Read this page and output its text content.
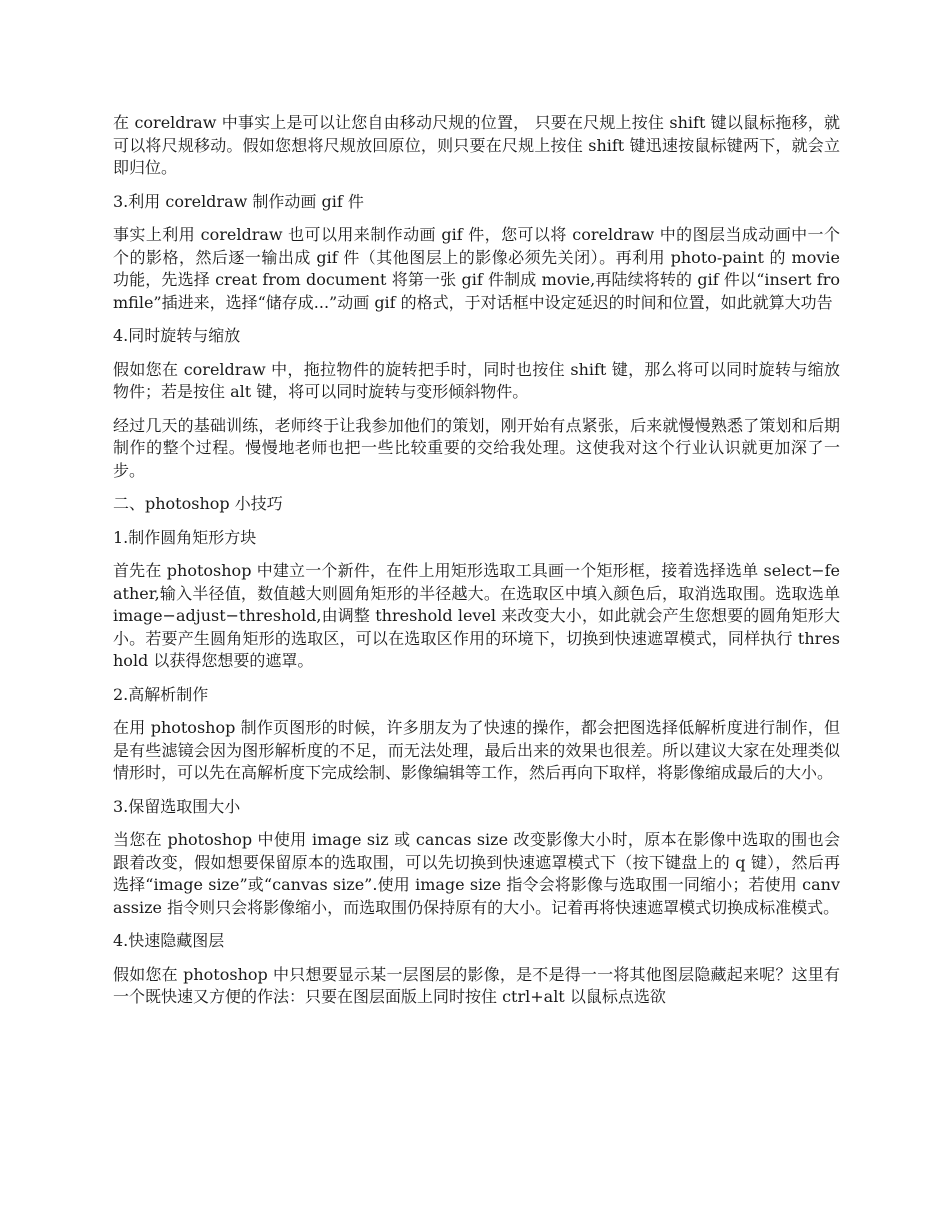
在 coreldraw 中事实上是可以让您自由移动尺规的位置， 只要在尺规上按住 shift 键以鼠标拖移，就可以将尺规移动。假如您想将尺规放回原位，则只要在尺规上按住 shift 键迅速按鼠标键两下，就会立即归位。

3.利用 coreldraw 制作动画 gif 件

事实上利用 coreldraw 也可以用来制作动画 gif 件，您可以将 coreldraw 中的图层当成动画中一个个的影格，然后逐一输出成 gif 件（其他图层上的影像必须先关闭）。再利用 photo-paint 的 movie 功能，先选择 creat from document 将第一张 gif 件制成 movie,再陆续将转的 gif 件以“insert fromfile”插进来，选择“储存成...”动画 gif 的格式，于对话框中设定延迟的时间和位置，如此就算大功告

4.同时旋转与缩放

假如您在 coreldraw 中，拖拉物件的旋转把手时，同时也按住 shift 键，那么将可以同时旋转与缩放物件；若是按住 alt 键，将可以同时旋转与变形倾斜物件。

经过几天的基础训练，老师终于让我参加他们的策划，刚开始有点紧张，后来就慢慢熟悉了策划和后期制作的整个过程。慢慢地老师也把一些比较重要的交给我处理。这使我对这个行业认识就更加深了一步。

二、photoshop 小技巧

1.制作圆角矩形方块

首先在 photoshop 中建立一个新件，在件上用矩形选取工具画一个矩形框，接着选择选单 select−feather,输入半径值，数值越大则圆角矩形的半径越大。在选取区中填入颜色后，取消选取围。选取选单 image−adjust−threshold,由调整 threshold level 来改变大小，如此就会产生您想要的圆角矩形大小。若要产生圆角矩形的选取区，可以在选取区作用的环境下，切换到快速遮罩模式，同样执行 threshold 以获得您想要的遮罩。

2.高解析制作

在用 photoshop 制作页图形的时候，许多朋友为了快速的操作，都会把图选择低解析度进行制作，但是有些滤镜会因为图形解析度的不足，而无法处理，最后出来的效果也很差。所以建议大家在处理类似情形时，可以先在高解析度下完成绘制、影像编辑等工作，然后再向下取样，将影像缩成最后的大小。

3.保留选取围大小

当您在 photoshop 中使用 image siz 或 cancas size 改变影像大小时，原本在影像中选取的围也会跟着改变，假如想要保留原本的选取围，可以先切换到快速遮罩模式下（按下键盘上的 q 键），然后再选择“image size”或“canvas size”.使用 image size 指令会将影像与选取围一同缩小；若使用 canvassize 指令则只会将影像缩小，而选取围仍保持原有的大小。记着再将快速遮罩模式切换成标准模式。

4.快速隐藏图层

假如您在 photoshop 中只想要显示某一层图层的影像，是不是得一一将其他图层隐藏起来呢？这里有一个既快速又方便的作法：只要在图层面版上同时按住 ctrl+alt 以鼠标点选欲
